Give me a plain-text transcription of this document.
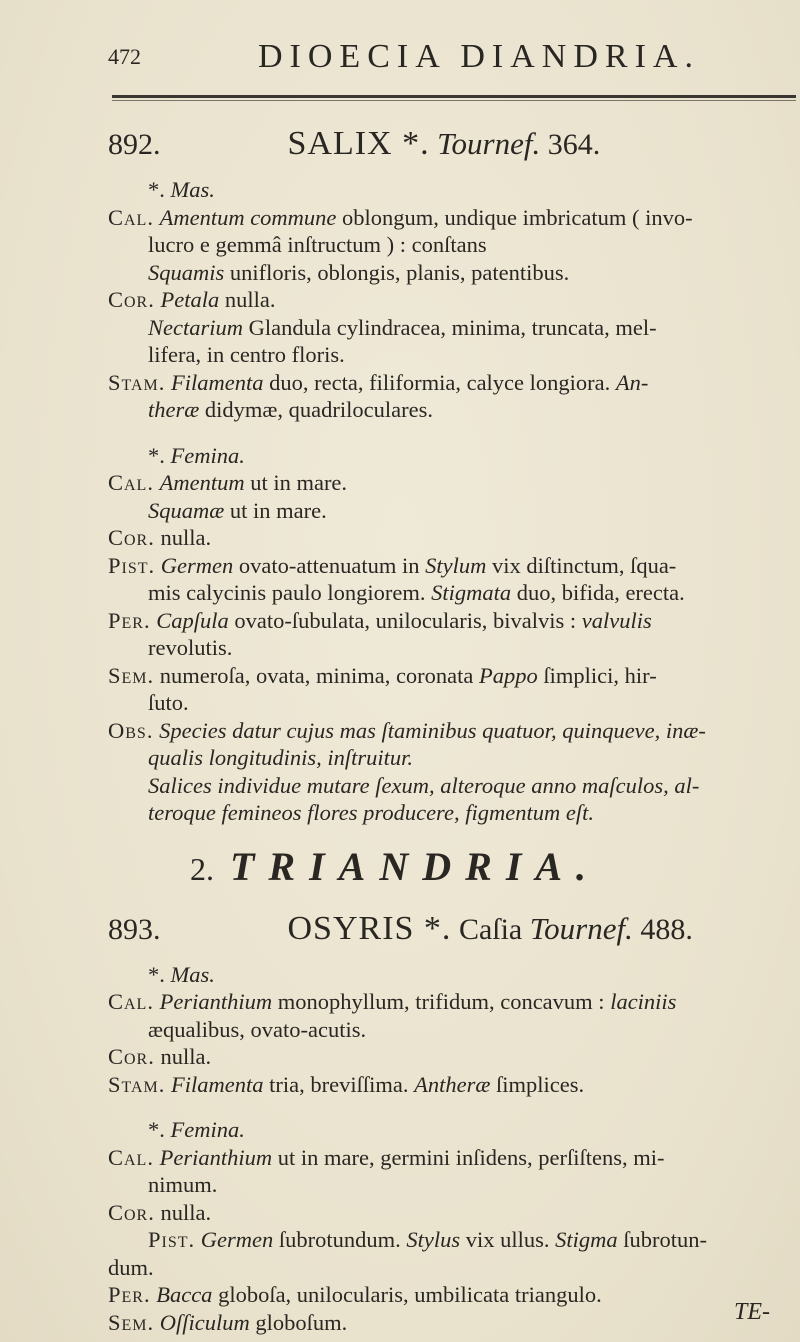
472	DIOECIA DIANDRIA.
892.	SALIX *. Tournef. 364.
*. Mas.
Cal. Amentum commune oblongum, undique imbricatum ( invo-
lucro e gemmâ inſtructum ) : conſtans
Squamis unifloris, oblongis, planis, patentibus.
Cor. Petala nulla.
Nectarium Glandula cylindracea, minima, truncata, mel-
lifera, in centro floris.
Stam. Filamenta duo, recta, filiformia, calyce longiora. An-
theræ didymæ, quadriloculares.
*. Femina.
Cal. Amentum ut in mare.
Squamæ ut in mare.
Cor. nulla.
Pist. Germen ovato-attenuatum in Stylum vix diſtinctum, ſqua-
mis calycinis paulo longiorem. Stigmata duo, bifida, erecta.
Per. Capſula ovato-ſubulata, unilocularis, bivalvis : valvulis
revolutis.
Sem. numeroſa, ovata, minima, coronata Pappo ſimplici, hir-
ſuto.
Obs. Species datur cujus mas ſtaminibus quatuor, quinqueve, inæ-
qualis longitudinis, inſtruitur.
Salices individue mutare ſexum, alteroque anno maſculos, al-
teroque femineos flores producere, figmentum eſt.
2. TRIANDRIA.
893.	OSYRIS *. Caſia Tournef. 488.
*. Mas.
Cal. Perianthium monophyllum, trifidum, concavum : laciniis
æqualibus, ovato-acutis.
Cor. nulla.
Stam. Filamenta tria, breviſſima. Antheræ ſimplices.
*. Femina.
Cal. Perianthium ut in mare, germini inſidens, perſiſtens, mi-
nimum.
Cor. nulla.
Pist. Germen ſubrotundum. Stylus vix ullus. Stigma ſubrotun-
dum.
Per. Bacca globoſa, unilocularis, umbilicata triangulo.
Sem. Oſſiculum globoſum.	TE-
